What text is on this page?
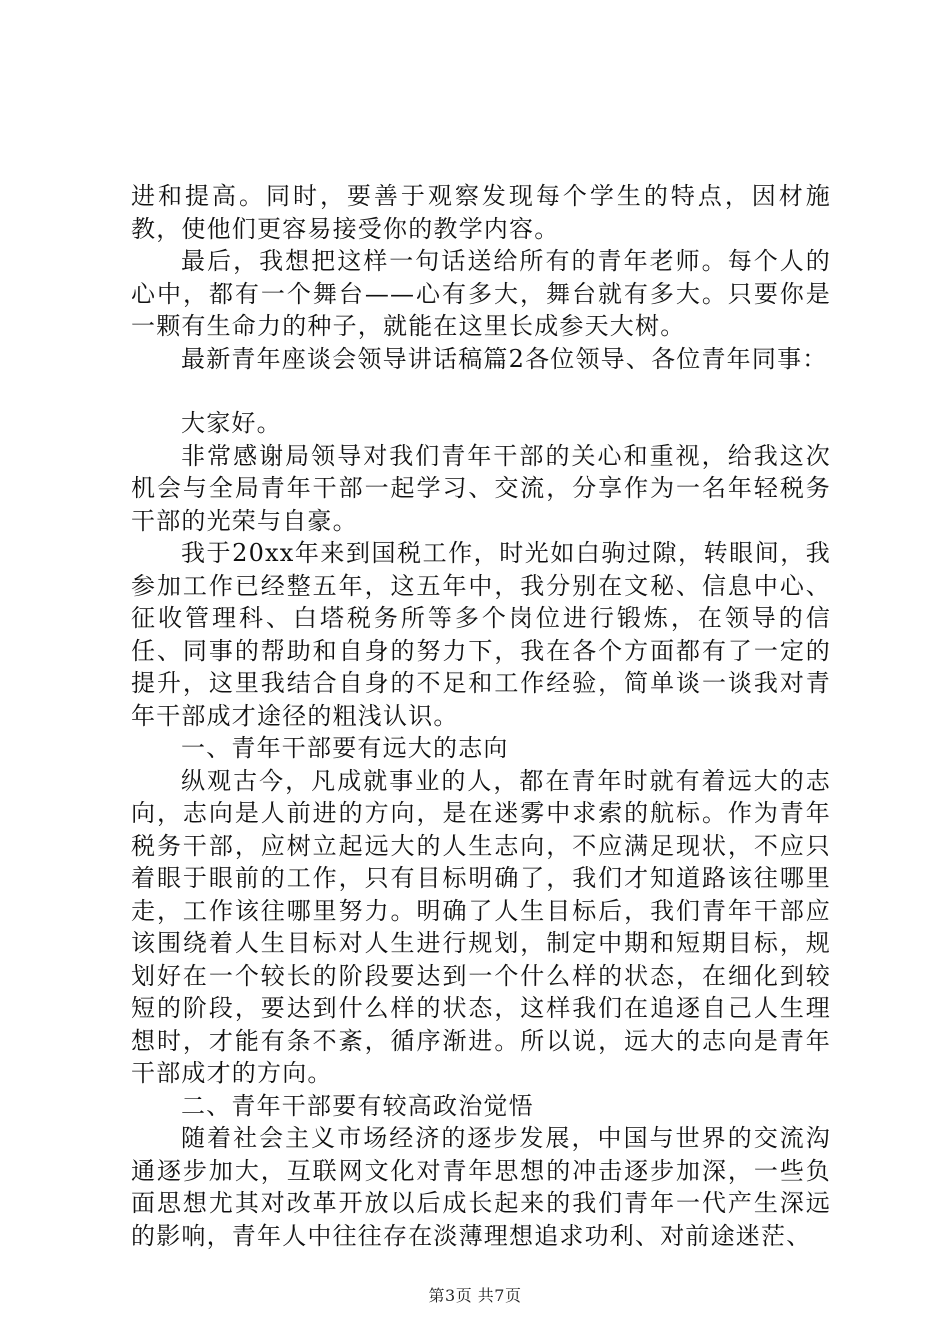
进和提高。同时，要善于观察发现每个学生的特点，因材施教，使他们更容易接受你的教学内容。

最后，我想把这样一句话送给所有的青年老师。每个人的心中，都有一个舞台——心有多大，舞台就有多大。只要你是一颗有生命力的种子，就能在这里长成参天大树。

最新青年座谈会领导讲话稿篇2各位领导、各位青年同事：

大家好。

非常感谢局领导对我们青年干部的关心和重视，给我这次机会与全局青年干部一起学习、交流，分享作为一名年轻税务干部的光荣与自豪。

我于20xx年来到国税工作，时光如白驹过隙，转眼间，我参加工作已经整五年，这五年中，我分别在文秘、信息中心、征收管理科、白塔税务所等多个岗位进行锻炼，在领导的信任、同事的帮助和自身的努力下，我在各个方面都有了一定的提升，这里我结合自身的不足和工作经验，简单谈一谈我对青年干部成才途径的粗浅认识。

一、青年干部要有远大的志向

纵观古今，凡成就事业的人，都在青年时就有着远大的志向，志向是人前进的方向，是在迷雾中求索的航标。作为青年税务干部，应树立起远大的人生志向，不应满足现状，不应只着眼于眼前的工作，只有目标明确了，我们才知道路该往哪里走，工作该往哪里努力。明确了人生目标后，我们青年干部应该围绕着人生目标对人生进行规划，制定中期和短期目标，规划好在一个较长的阶段要达到一个什么样的状态，在细化到较短的阶段，要达到什么样的状态，这样我们在追逐自己人生理想时，才能有条不紊，循序渐进。所以说，远大的志向是青年干部成才的方向。

二、青年干部要有较高政治觉悟

随着社会主义市场经济的逐步发展，中国与世界的交流沟通逐步加大，互联网文化对青年思想的冲击逐步加深，一些负面思想尤其对改革开放以后成长起来的我们青年一代产生深远的影响，青年人中往往存在淡薄理想追求功利、对前途迷茫、

第3页 共7页
